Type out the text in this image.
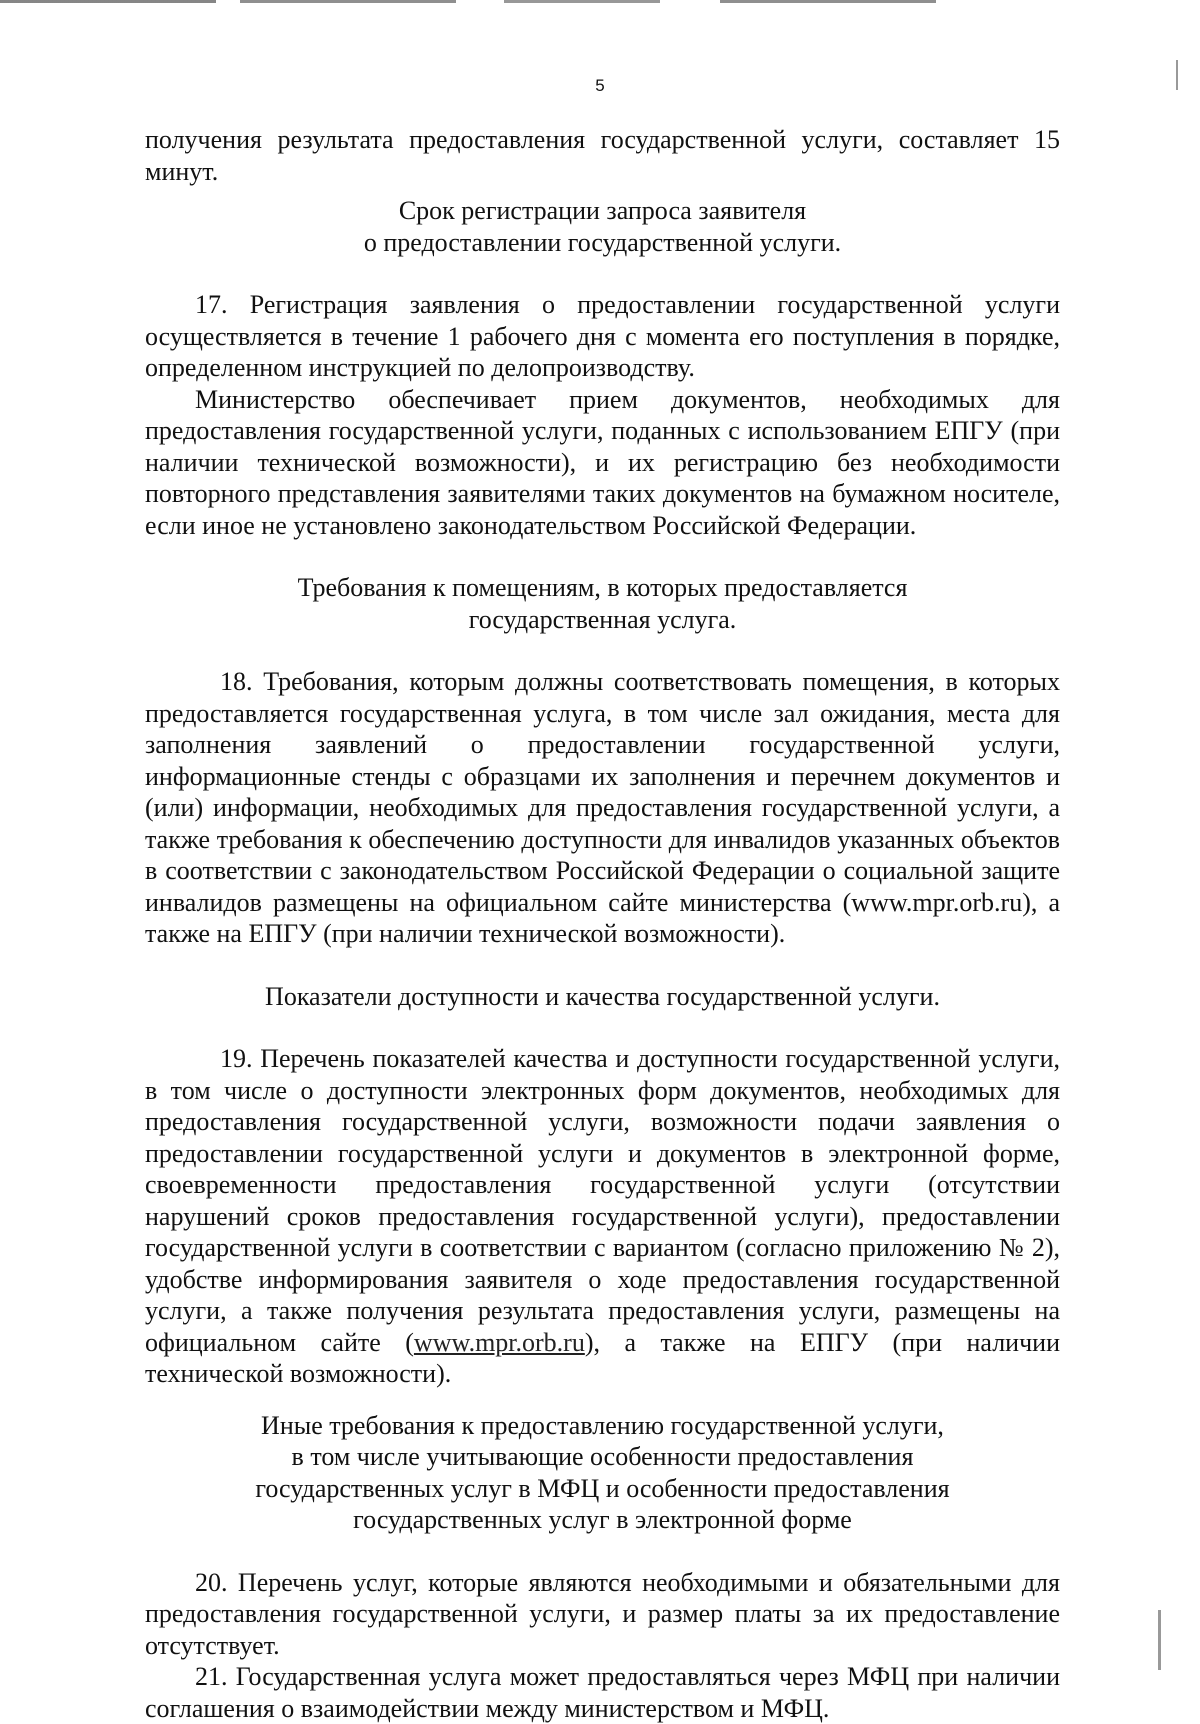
5

получения результата предоставления государственной услуги, составляет 15 минут.

Срок регистрации запроса заявителя

о предоставлении государственной услуги.

17. Регистрация заявления о предоставлении государственной услуги осуществляется в течение 1 рабочего дня с момента его поступления в порядке, определенном инструкцией по делопроизводству.

Министерство обеспечивает прием документов, необходимых для предоставления государственной услуги, поданных с использованием ЕПГУ (при наличии технической возможности), и их регистрацию без необходимости повторного представления заявителями таких документов на бумажном носителе, если иное не установлено законодательством Российской Федерации.

Требования к помещениям, в которых предоставляется

государственная услуга.

18. Требования, которым должны соответствовать помещения, в которых предоставляется государственная услуга, в том числе зал ожидания, места для заполнения заявлений о предоставлении государственной услуги, информационные стенды с образцами их заполнения и перечнем документов и (или) информации, необходимых для предоставления государственной услуги, а также требования к обеспечению доступности для инвалидов указанных объектов в соответствии с законодательством Российской Федерации о социальной защите инвалидов размещены на официальном сайте министерства (www.mpr.orb.ru), а также на ЕПГУ (при наличии технической возможности).

Показатели доступности и качества государственной услуги.

19. Перечень показателей качества и доступности государственной услуги, в том числе о доступности электронных форм документов, необходимых для предоставления государственной услуги, возможности подачи заявления о предоставлении государственной услуги и документов в электронной форме, своевременности предоставления государственной услуги (отсутствии нарушений сроков предоставления государственной услуги), предоставлении государственной услуги в соответствии с вариантом (согласно приложению № 2), удобстве информирования заявителя о ходе предоставления государственной услуги, а также получения результата предоставления услуги, размещены на официальном сайте (www.mpr.orb.ru), а также на ЕПГУ (при наличии технической возможности).

Иные требования к предоставлению государственной услуги,

в том числе учитывающие особенности предоставления

государственных услуг в МФЦ и особенности предоставления

государственных услуг в электронной форме

20. Перечень услуг, которые являются необходимыми и обязательными для предоставления государственной услуги, и размер платы за их предоставление отсутствует.

21. Государственная услуга может предоставляться через МФЦ при наличии соглашения о взаимодействии между министерством и МФЦ.
